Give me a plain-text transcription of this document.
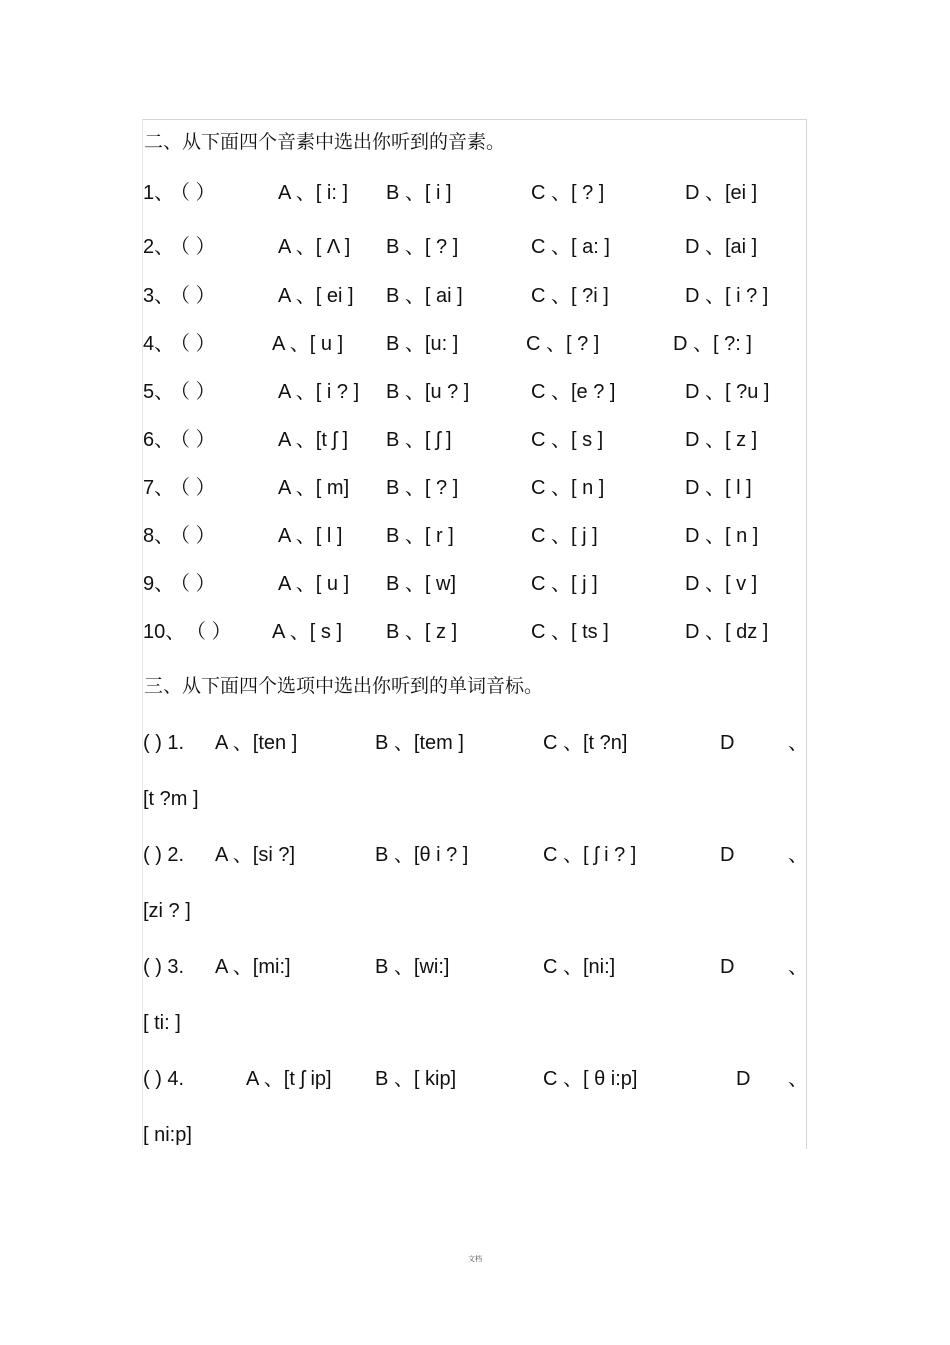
二、从下面四个音素中选出你听到的音素。
1、
（ ）	A 、[ i: ] B 、[ i ]	C 、[ ? ]	D 、[ei ]
2、
（ ）	A 、[ Λ ] B 、[ ? ]	C 、[ a: ]	D 、[ai ]
3、
（ ）	A 、[ ei ] B 、[ ai ]	C 、[ ?i ]	D 、[ i ? ]
4、
（ ）	A 、[ u ] B 、[u: ]	C 、[ ? ]	D 、[ ?: ]
5、
（ ）	A 、[ i ? ] B 、[u ? ]	C 、[e ? ]	D 、[ ?u ]
6、
（ ）	A 、[t ʃ ] B 、[ ʃ ]	C 、[ s ]	D 、[ z ]
7、
（ ）	A 、[ m] B 、[ ? ]	C 、[ n ]	D 、[ l ]
8、
（ ）	A 、[ l ] B 、[ r ]	C 、[ j ]	D 、[ n ]
9、
（ ）	A 、[ u ] B 、[ w]	C 、[ j ]	D 、[ v ]
10、 （ ） A 、[ s ] B 、[ z ]	C 、[ ts ]	D 、[ dz ]
三、从下面四个选项中选出你听到的单词音标。
( ) 1. A 、[ten ]	B 、[tem ]	C 、[t ?n]	D	、
[t ?m ]
( ) 2. A 、[si ?]	B 、[θ i ? ]	C 、[ ʃ i ? ]	D	、
[zi ? ]
( ) 3. A 、[mi:]	B 、[wi:]	C 、[ni:]	D	、
[ ti: ]
( ) 4.	A 、[t ʃ ip] B 、[ kip]	C 、[ θ i:p]	D 、
[ ni:p]
文档
